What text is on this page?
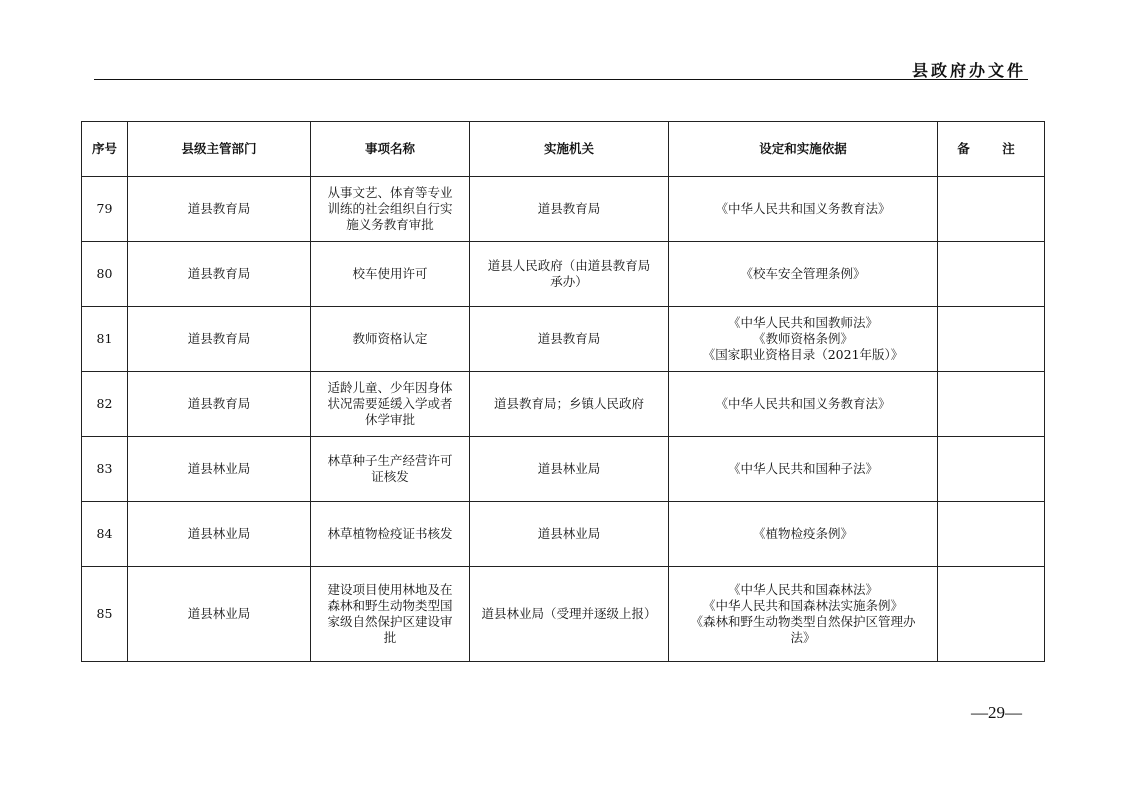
县政府办文件
序号	县级主管部门	事项名称	实施机关	设定和实施依据	备　注
79	道县教育局	从事文艺、体育等专业
训练的社会组织自行实
施义务教育审批	道县教育局	《中华人民共和国义务教育法》	

80	道县教育局	校车使用许可	道县人民政府（由道县教育局
承办）	《校车安全管理条例》	

81	道县教育局	教师资格认定	道县教育局	《中华人民共和国教师法》
《教师资格条例》
《国家职业资格目录（2021年版）》	

82	道县教育局	适龄儿童、少年因身体
状况需要延缓入学或者
休学审批	道县教育局；乡镇人民政府	《中华人民共和国义务教育法》	

83	道县林业局	林草种子生产经营许可
证核发	道县林业局	《中华人民共和国种子法》	

84	道县林业局	林草植物检疫证书核发	道县林业局	《植物检疫条例》	

85	道县林业局	建设项目使用林地及在
森林和野生动物类型国
家级自然保护区建设审
批	道县林业局（受理并逐级上报）	《中华人民共和国森林法》
《中华人民共和国森林法实施条例》
《森林和野生动物类型自然保护区管理办
法》	

—29—
